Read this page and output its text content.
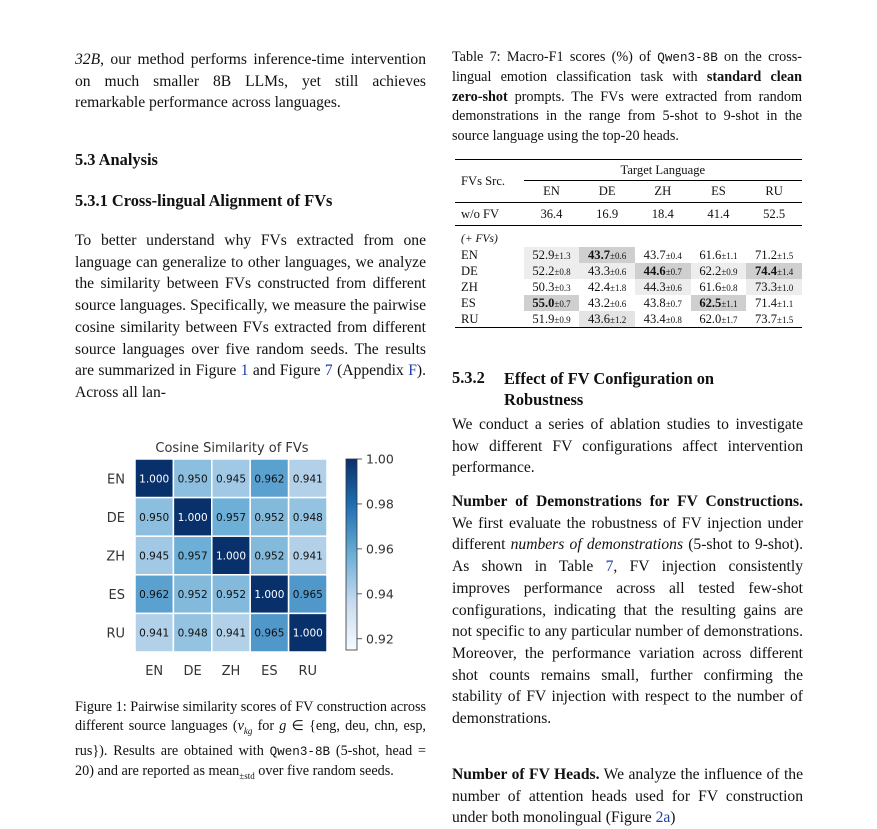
32B, our method performs inference-time intervention on much smaller 8B LLMs, yet still achieves remarkable performance across languages.
5.3 Analysis
5.3.1 Cross-lingual Alignment of FVs
To better understand why FVs extracted from one language can generalize to other languages, we analyze the similarity between FVs constructed from different source languages. Specifically, we measure the pairwise cosine similarity between FVs extracted from different source languages over five random seeds. The results are summarized in Figure 1 and Figure 7 (Appendix F). Across all lan-
Cosine Similarity of FVs
1.000 0.950 0.945 0.962 0.941
0.950 1.000 0.957 0.952 0.948
0.945 0.957 1.000 0.952 0.941
0.962 0.952 0.952 1.000 0.965
0.941 0.948 0.941 0.965 1.000
EN
DE
ZH
ES
RU
EN DE ZH ES RU
1.00
0.98
0.96
0.94
0.92
Figure 1: Pairwise similarity scores of FV construction across different source languages ($v_{kg}$ for g ∈ {eng, deu, chn, esp, rus}). Results are obtained with Qwen3-8B (5-shot, head = 20) and are reported as mean$_{\pm std}$ over five random seeds.
Table 7: Macro-F1 scores (%) of Qwen3-8B on the cross-lingual emotion classification task with standard clean zero-shot prompts. The FVs were extracted from random demonstrations in the range from 5-shot to 9-shot in the source language using the top-20 heads.
FVs Src.	Target Language				
	EN	DE	ZH	ES	RU
w/o FV	36.4	16.9	18.4	41.4	52.5
(+ FVs)					
EN	52.9±1.3	43.7±0.6	43.7±0.4	61.6±1.1	71.2±1.5
DE	52.2±0.8	43.3±0.6	44.6±0.7	62.2±0.9	74.4±1.4
ZH	50.3±0.3	42.4±1.8	44.3±0.6	61.6±0.8	73.3±1.0
ES	55.0±0.7	43.2±0.6	43.8±0.7	62.5±1.1	71.4±1.1
RU	51.9±0.9	43.6±1.2	43.4±0.8	62.0±1.7	73.7±1.5
5.3.2 Effect of FV Configuration on
Robustness
We conduct a series of ablation studies to investigate how different FV configurations affect intervention performance.
Number of Demonstrations for FV Constructions. We first evaluate the robustness of FV injection under different numbers of demonstrations (5-shot to 9-shot). As shown in Table 7, FV injection consistently improves performance across all tested few-shot configurations, indicating that the resulting gains are not specific to any particular number of demonstrations. Moreover, the performance variation across different shot counts remains small, further confirming the stability of FV injection with respect to the number of demonstrations.
Number of FV Heads. We analyze the influence of the number of attention heads used for FV construction under both monolingual (Figure 2a)
